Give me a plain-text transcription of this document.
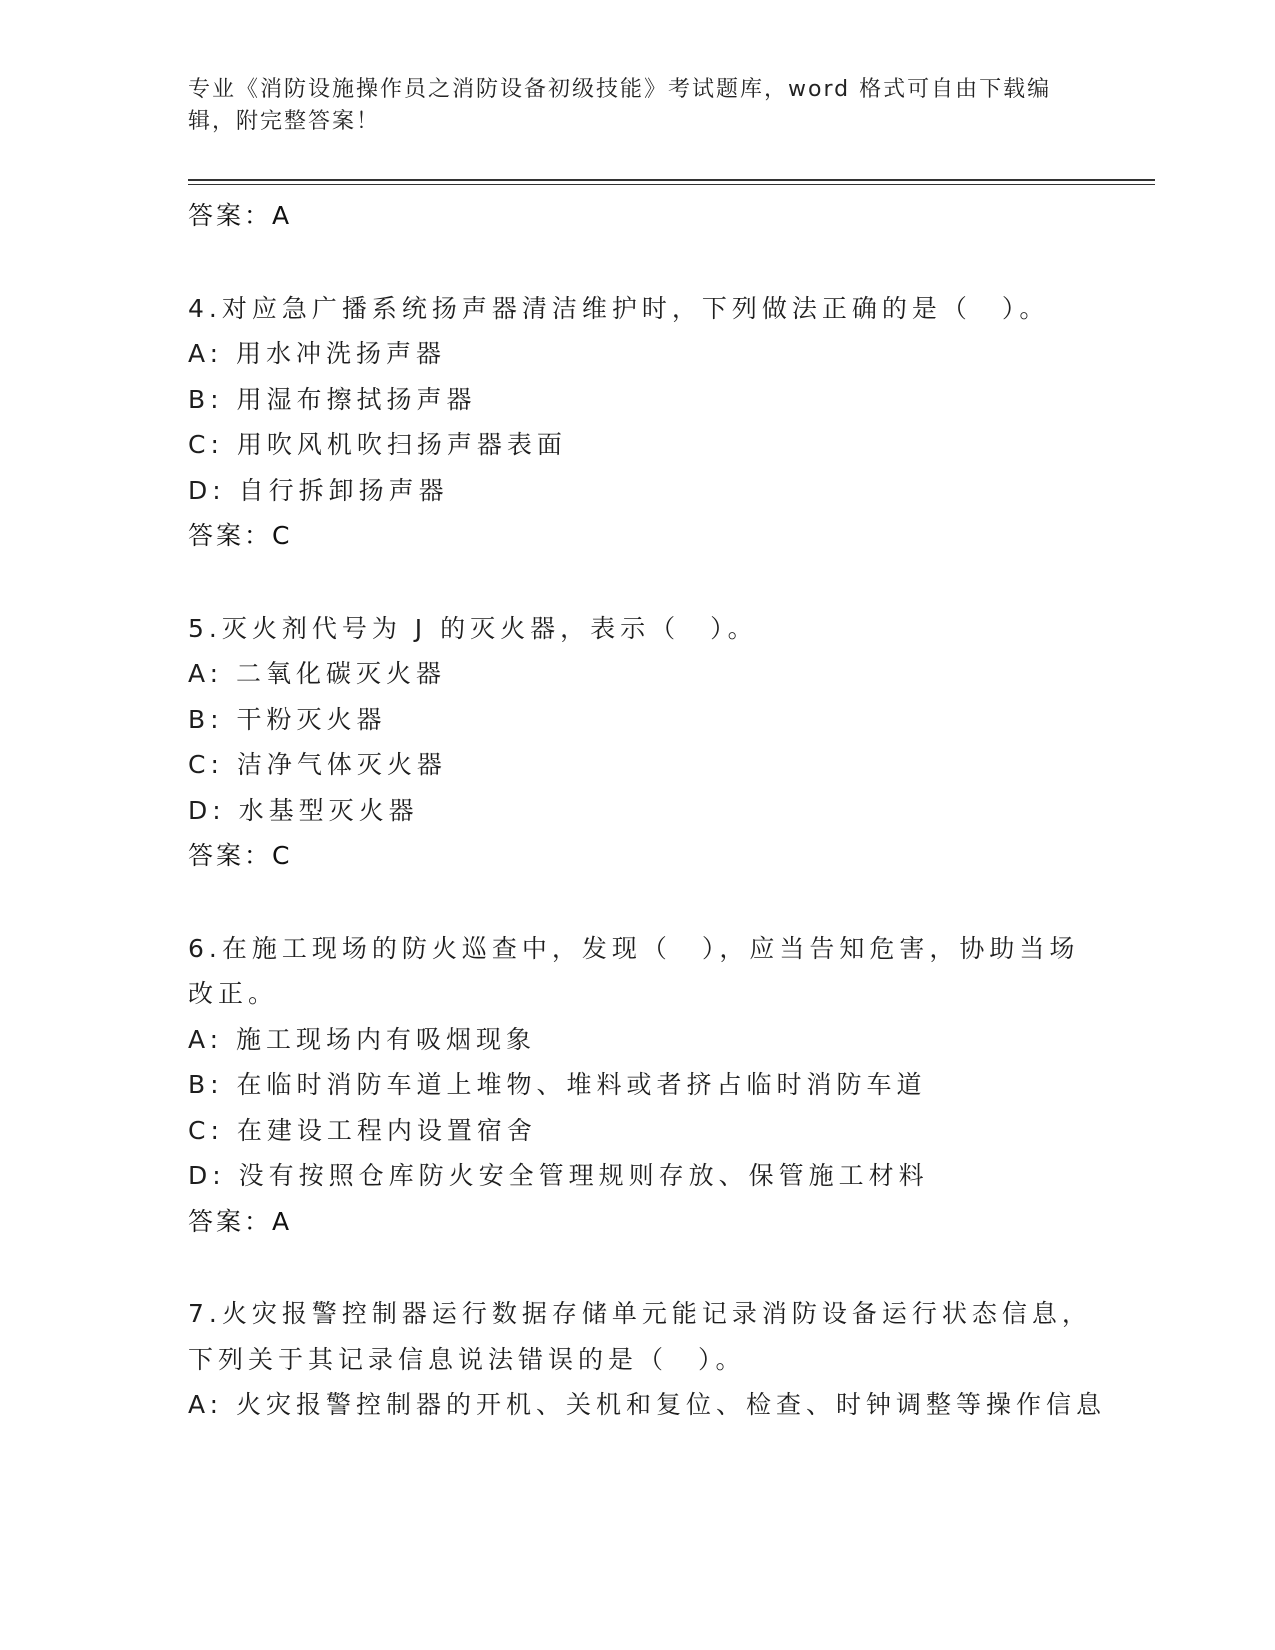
专业《消防设施操作员之消防设备初级技能》考试题库，word 格式可自由下载编
辑，附完整答案！
答案：A
4.对应急广播系统扬声器清洁维护时，下列做法正确的是（　）。
A: 用水冲洗扬声器
B: 用湿布擦拭扬声器
C: 用吹风机吹扫扬声器表面
D: 自行拆卸扬声器
答案：C
5.灭火剂代号为 J 的灭火器，表示（　）。
A: 二氧化碳灭火器
B: 干粉灭火器
C: 洁净气体灭火器
D: 水基型灭火器
答案：C
6.在施工现场的防火巡查中，发现（　），应当告知危害，协助当场
改正。
A: 施工现场内有吸烟现象
B: 在临时消防车道上堆物、堆料或者挤占临时消防车道
C: 在建设工程内设置宿舍
D: 没有按照仓库防火安全管理规则存放、保管施工材料
答案：A
7.火灾报警控制器运行数据存储单元能记录消防设备运行状态信息，
下列关于其记录信息说法错误的是（　）。
A: 火灾报警控制器的开机、关机和复位、检查、时钟调整等操作信息
